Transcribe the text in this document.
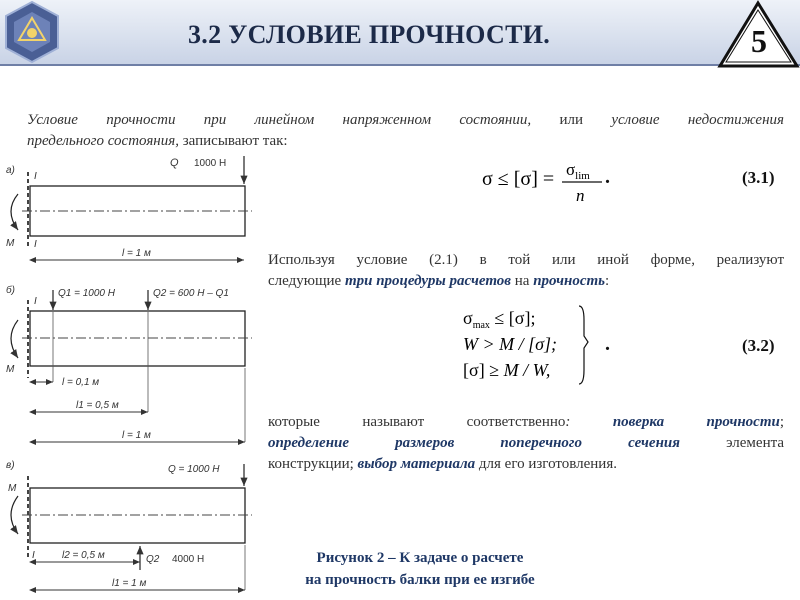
3.2 УСЛОВИЕ ПРОЧНОСТИ.	5
Условие прочности при линейном напряженном состоянии, или условие недостижения
предельного состояния, записывают так:
$\sigma \le [\sigma] = \sigma_{lim}$
n
.	(3.1)
Используя условие (2.1) в той или иной форме, реализуют
следующие три процедуры расчетов на прочность:
$\sigma_{max} \le [\sigma]$;
W > M / [σ];
[σ] ≥ M / W,
.	(3.2)
которые называют соответственно: поверка прочности;
определение размеров поперечного сечения	элемента
конструкции; выбор материала для его изготовления.
Рисунок 2 – К задаче о расчете
на прочность балки при ее изгибе
а)
I
I
Q 1000 Н
M
l = 1 м
б)
I
Q1 = 1000 Н	Q2 = 600 Н – Q1
M
l = 0,1 м
l1 = 0,5 м
l = 1 м
в)
I
Q = 1000 Н
M
Q2 4000 Н
l2 = 0,5 м
l1 = 1 м
